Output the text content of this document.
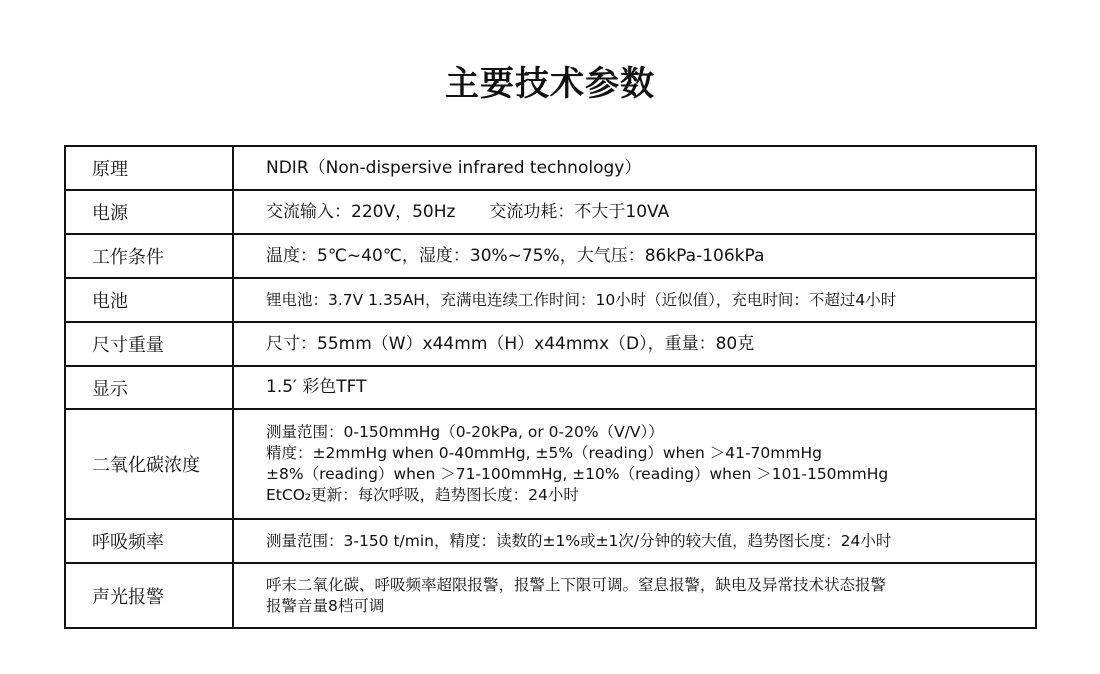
主要技术参数
原理	NDIR（Non-dispersive infrared technology）

电源	交流输入：220V，50Hz　　交流功耗：不大于10VA

工作条件	温度：5℃~40℃，湿度：30%~75%，大气压：86kPa-106kPa

电池	锂电池：3.7V 1.35AH，充满电连续工作时间：10小时（近似值），充电时间：不超过4小时

尺寸重量	尺寸：55mm（W）x44mm（H）x44mmx（D），重量：80克

显示	1.5′ 彩色TFT

二氧化碳浓度	测量范围：0-150mmHg（0-20kPa, or 0-20%（V/V））
精度：±2mmHg when 0-40mmHg, ±5%（reading）when ＞41-70mmHg
±8%（reading）when ＞71-100mmHg, ±10%（reading）when ＞101-150mmHg
EtCO₂更新：每次呼吸，趋势图长度：24小时

呼吸频率	测量范围：3-150 t/min，精度：读数的±1%或±1次/分钟的较大值，趋势图长度：24小时

声光报警	呼末二氧化碳、呼吸频率超限报警，报警上下限可调。窒息报警，缺电及异常技术状态报警
报警音量8档可调
